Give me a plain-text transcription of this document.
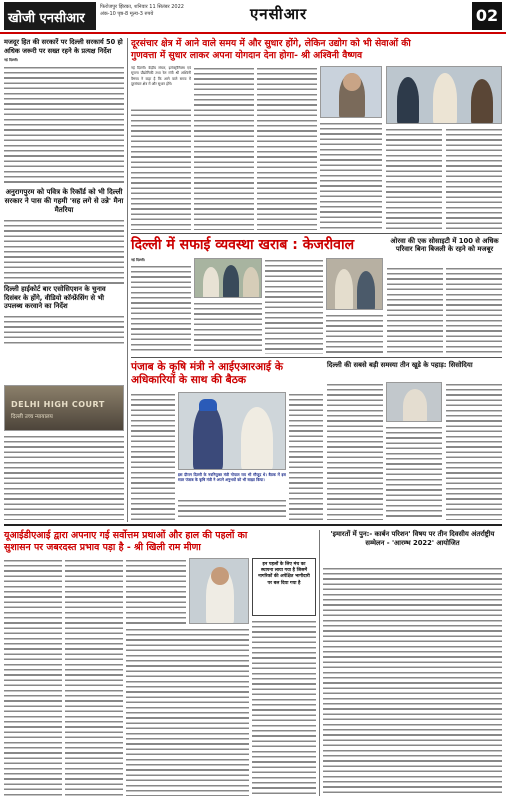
खोजी एनसीआर
फिरोजपुर झिरका, शनिवार 11 सितंबर 2022
अंक-10 पृष्ठ-8 मूल्य-3 रुपये	एनसीआर	02
मजदूर हित की सरकारें पर दिल्ली सरकार्य 50 हो अधिक जरूरी पर सख्त रहने के प्रत्यक्ष निर्देश
नई दिल्ली।
अनुरागपुरम को पवित्र के रिकॉर्ड को भी दिल्ली सरकार ने पास की गहमी 'सह लगे से उन्ने' मैना मैतरिया
दिल्ली हाईकोर्ट बार एसोसिएशन के चुनाव दिसंबर के होंगे, वीडियो कॉन्फ्रेंसिंग से भी उपलब्ध करवाने का निर्देश
DELHI HIGH COURT
दिल्ली उच्च न्यायालय
दूरसंचार क्षेत्र में आने वाले समय में और सुधार होंगे, लेकिन उद्योग को भी सेवाओं की
गुणवत्ता में सुधार लाकर अपना योगदान देना होगा- श्री अश्विनी वैष्णव
नई दिल्ली। केंद्रीय संचार, इलेक्ट्रॉनिक्स एवं सूचना प्रौद्योगिकी तथा रेल मंत्री श्री अश्विनी वैष्णव ने कहा है कि आने वाले समय में दूरसंचार क्षेत्र में और सुधार होंगे।
दिल्ली में सफाई व्यवस्था खराब : केजरीवाल
नई दिल्ली।
ओरवा की एक सोसाइटी में 100 से अधिक परिवार बिना बिजली के रहने को मजबूर
पंजाब के कृषि मंत्री ने आईएआरआई के अधिकारियों के साथ की बैठक
इस दौरान दिल्ली के नवनियुक्त मंत्री गोपाल राय भी मौजूद थे। बैठक में इस साल पंजाब के कृषि मंत्री ने अपने अनुभवों को भी साझा किया।
दिल्ली की सबसे बड़ी समस्या तीन खूडे के पहाड़: सिसोदिया
यूआईडीएआई द्वारा अपनाए गई सर्वोत्तम प्रथाओं और हाल की पहलों का
सुशासन पर जबरदस्त प्रभाव पड़ा है - श्री खिली राम मीणा
इन पहलों के लिए मंच का स्थापना लाया गया है जिसमें नागरिकों की अपेक्षित भागीदारी पर बल दिया गया है
'इमारतों में पुन:- कार्बन परिशन' विषय पर तीन दिवसीय अंतर्राष्ट्रीय सम्मेलन - 'आरम्भ 2022' आयोजित
